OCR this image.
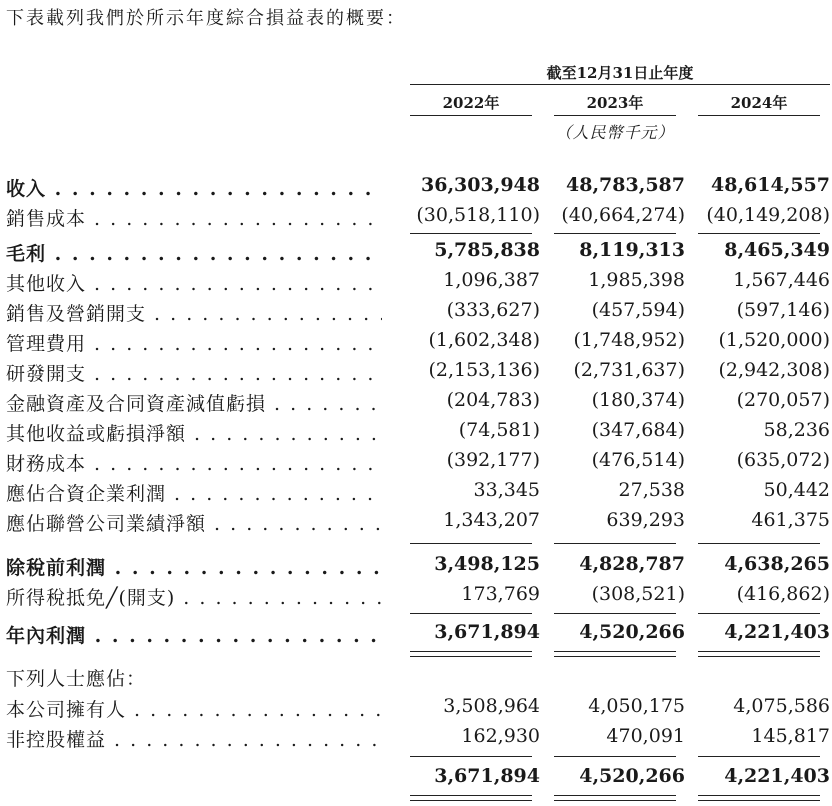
下表載列我們於所示年度綜合損益表的概要：
截至12月31日止年度
2022年	2023年	2024年
（人民幣千元）
收入 . . .	36,303,948	48,783,587	48,614,557
銷售成本 . . .	(30,518,110)	(40,664,274)	(40,149,208)
毛利 . . .	5,785,838	8,119,313	8,465,349
其他收入 . . .	1,096,387	1,985,398	1,567,446
銷售及營銷開支 . . .	(333,627)	(457,594)	(597,146)
管理費用 . . .	(1,602,348)	(1,748,952)	(1,520,000)
研發開支 . . .	(2,153,136)	(2,731,637)	(2,942,308)
金融資產及合同資產減值虧損 . . .	(204,783)	(180,374)	(270,057)
其他收益或虧損淨額 . . .	(74,581)	(347,684)	58,236
財務成本 . . .	(392,177)	(476,514)	(635,072)
應佔合資企業利潤 . . .	33,345	27,538	50,442
應佔聯營公司業績淨額 . . .	1,343,207	639,293	461,375
除稅前利潤 . . .	3,498,125	4,828,787	4,638,265
所得稅抵免╱(開支) . . .	173,769	(308,521)	(416,862)
年內利潤 . . .	3,671,894	4,520,266	4,221,403
下列人士應佔：
本公司擁有人 . . .	3,508,964	4,050,175	4,075,586
非控股權益 . . .	162,930	470,091	145,817
3,671,894	4,520,266	4,221,403
